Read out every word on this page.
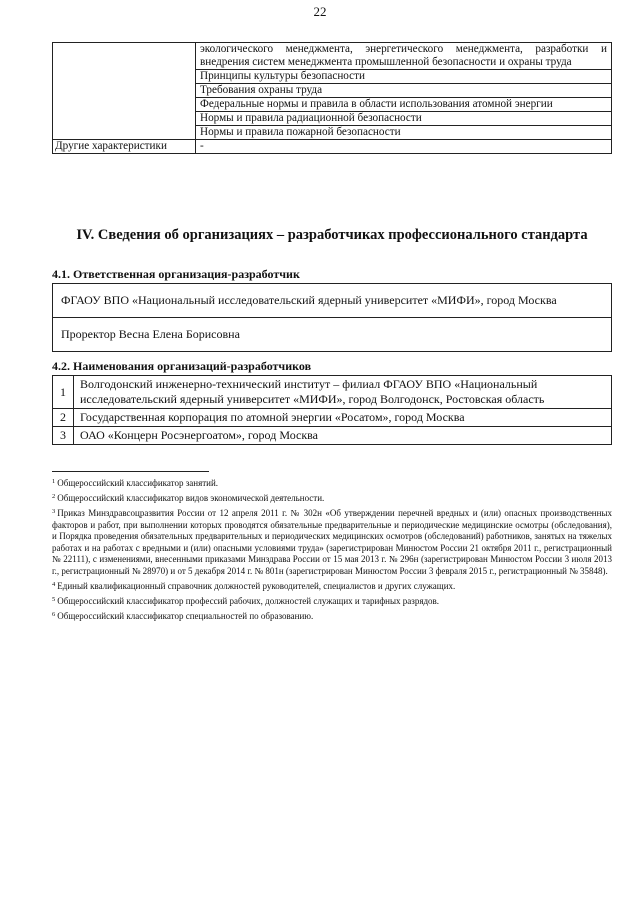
22
	экологического менеджмента, энергетического менеджмента, разработки и внедрения систем менеджмента промышленной безопасности и охраны труда
	Принципы культуры безопасности
	Требования охраны труда
	Федеральные нормы и правила в области использования атомной энергии
	Нормы и правила радиационной безопасности
	Нормы и правила пожарной безопасности
Другие характеристики	-
IV. Сведения об организациях – разработчиках профессионального стандарта
4.1. Ответственная организация-разработчик
ФГАОУ ВПО «Национальный исследовательский ядерный университет «МИФИ», город Москва
Проректор Весна Елена Борисовна
4.2. Наименования организаций-разработчиков
1	Волгодонский инженерно-технический институт – филиал ФГАОУ ВПО «Национальный исследовательский ядерный университет «МИФИ», город Волгодонск, Ростовская область
2	Государственная корпорация по атомной энергии «Росатом», город Москва
3	ОАО «Концерн Росэнергоатом», город Москва

$^1$ Общероссийский классификатор занятий.

$^2$ Общероссийский классификатор видов экономической деятельности.

$^3$ Приказ Минздравсоцразвития России от 12 апреля 2011 г. № 302н «Об утверждении перечней вредных и (или) опасных производственных факторов и работ, при выполнении которых проводятся обязательные предварительные и периодические медицинские осмотры (обследования), и Порядка проведения обязательных предварительных и периодических медицинских осмотров (обследований) работников, занятых на тяжелых работах и на работах с вредными и (или) опасными условиями труда» (зарегистрирован Минюстом России 21 октября 2011 г., регистрационный № 22111), с изменениями, внесенными приказами Минздрава России от 15 мая 2013 г. № 296н (зарегистрирован Минюстом России 3 июля 2013 г., регистрационный № 28970) и от 5 декабря 2014 г. № 801н (зарегистрирован Минюстом России 3 февраля 2015 г., регистрационный № 35848).

$^4$ Единый квалификационный справочник должностей руководителей, специалистов и других служащих.

$^5$ Общероссийский классификатор профессий рабочих, должностей служащих и тарифных разрядов.

$^6$ Общероссийский классификатор специальностей по образованию.
